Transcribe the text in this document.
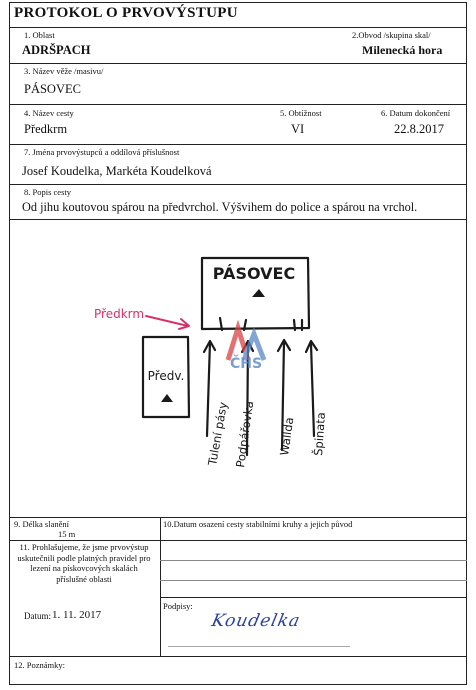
PROTOKOL O PRVOVÝSTUPU
1. Oblast
ADRŠPACH
2.Obvod /skupina skal/
Milenecká hora
3. Název věže /masivu/
PÁSOVEC
4. Název cesty
Předkrm
5. Obtížnost
VI
6. Datum dokončení
22.8.2017
7. Jména prvovýstupců a oddílová příslušnost
Josef Koudelka, Markéta Koudelková
8. Popis cesty
Od jihu koutovou spárou na předvrchol. Výšvihem do police a spárou na vrchol.
ČHS
PÁSOVEC
Předv.
Předkrm
Tulení pásy Podpářovka Wallda Špinata
9. Délka slanění
15 m
10.Datum osazení cesty stabilními kruhy a jejich původ
11. Prohlašujeme, že jsme prvovýstup uskutečnili podle platných pravidel pro lezení na pískovcových skalách příslušné oblasti
Datum: 1. 11. 2017
Podpisy:
Koudelka
...........................................................................................
12. Poznámky:
